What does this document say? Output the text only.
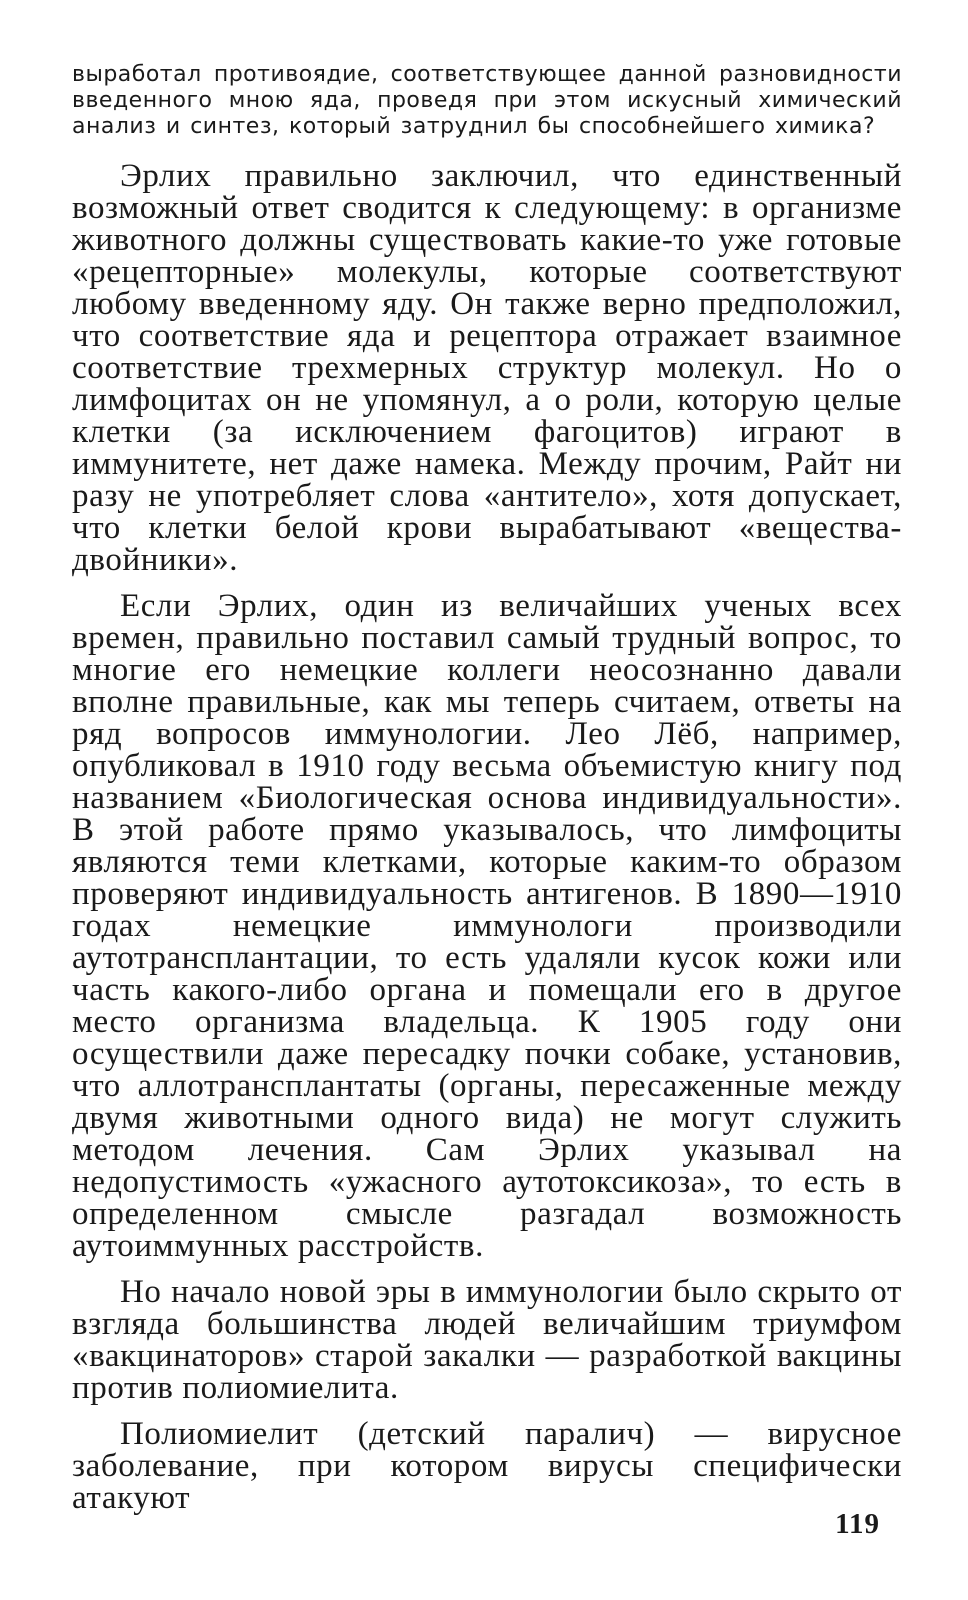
выработал противоядие, соответствующее данной разновидности введенного мною яда, проведя при этом искусный химический анализ и синтез, который затруднил бы способнейшего химика?

Эрлих правильно заключил, что единственный возможный ответ сводится к следующему: в организме животного должны существовать какие-то уже готовые «рецепторные» молекулы, которые соответствуют любому введенному яду. Он также верно предположил, что соответствие яда и рецептора отражает взаимное соответствие трехмерных структур молекул. Но о лимфоцитах он не упомянул, а о роли, которую целые клетки (за исключением фагоцитов) играют в иммунитете, нет даже намека. Между прочим, Райт ни разу не употребляет слова «антитело», хотя допускает, что клетки белой крови вырабатывают «вещества-двойники».

Если Эрлих, один из величайших ученых всех времен, правильно поставил самый трудный вопрос, то многие его немецкие коллеги неосознанно давали вполне правильные, как мы теперь считаем, ответы на ряд вопросов иммунологии. Лео Лёб, например, опубликовал в 1910 году весьма объемистую книгу под названием «Биологическая основа индивидуальности». В этой работе прямо указывалось, что лимфоциты являются теми клетками, которые каким-то образом проверяют индивидуальность антигенов. В 1890—1910 годах немецкие иммунологи производили аутотрансплантации, то есть удаляли кусок кожи или часть какого-либо органа и помещали его в другое место организма владельца. К 1905 году они осуществили даже пересадку почки собаке, установив, что аллотрансплантаты (органы, пересаженные между двумя животными одного вида) не могут служить методом лечения. Сам Эрлих указывал на недопустимость «ужасного аутотоксикоза», то есть в определенном смысле разгадал возможность аутоиммунных расстройств.

Но начало новой эры в иммунологии было скрыто от взгляда большинства людей величайшим триумфом «вакцинаторов» старой закалки — разработкой вакцины против полиомиелита.

Полиомиелит (детский паралич) — вирусное заболевание, при котором вирусы специфически атакуют

119
